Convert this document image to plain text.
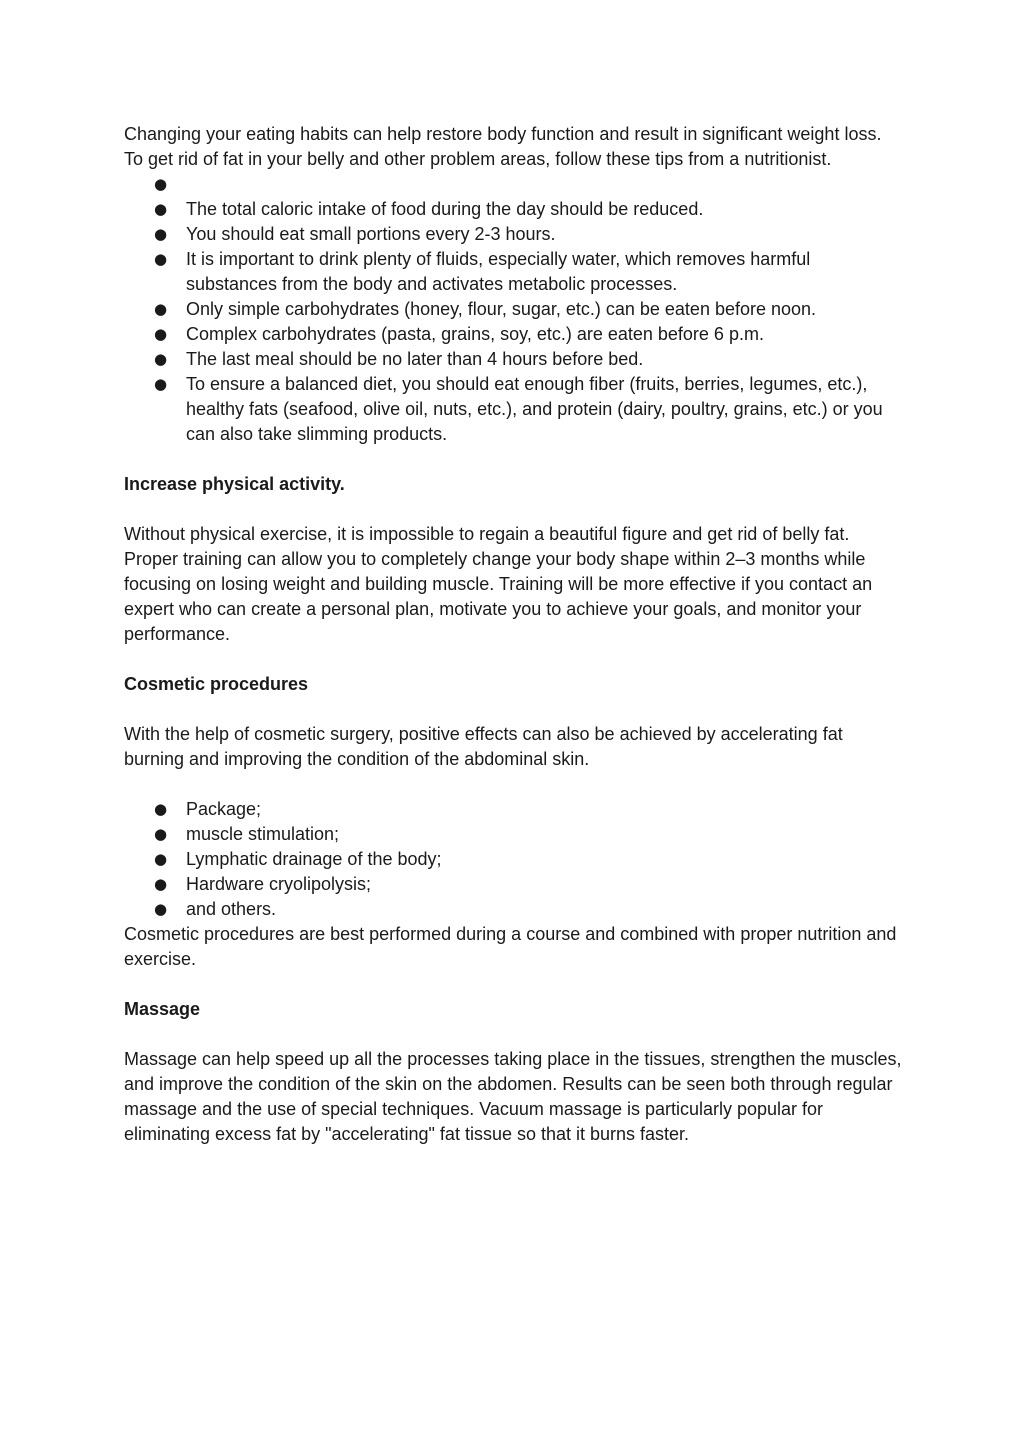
Changing your eating habits can help restore body function and result in significant weight loss. To get rid of fat in your belly and other problem areas, follow these tips from a nutritionist.

●
●	The total caloric intake of food during the day should be reduced.
●	You should eat small portions every 2-3 hours.
●	It is important to drink plenty of fluids, especially water, which removes harmful substances from the body and activates metabolic processes.
●	Only simple carbohydrates (honey, flour, sugar, etc.) can be eaten before noon.
●	Complex carbohydrates (pasta, grains, soy, etc.) are eaten before 6 p.m.
●	The last meal should be no later than 4 hours before bed.
●	To ensure a balanced diet, you should eat enough fiber (fruits, berries, legumes, etc.), healthy fats (seafood, olive oil, nuts, etc.), and protein (dairy, poultry, grains, etc.) or you can also take slimming products.

Increase physical activity.

Without physical exercise, it is impossible to regain a beautiful figure and get rid of belly fat. Proper training can allow you to completely change your body shape within 2–3 months while focusing on losing weight and building muscle. Training will be more effective if you contact an expert who can create a personal plan, motivate you to achieve your goals, and monitor your performance.

Cosmetic procedures

With the help of cosmetic surgery, positive effects can also be achieved by accelerating fat burning and improving the condition of the abdominal skin.

●	Package;
●	muscle stimulation;
●	Lymphatic drainage of the body;
●	Hardware cryolipolysis;
●	and others.

Cosmetic procedures are best performed during a course and combined with proper nutrition and exercise.

Massage

Massage can help speed up all the processes taking place in the tissues, strengthen the muscles, and improve the condition of the skin on the abdomen. Results can be seen both through regular massage and the use of special techniques. Vacuum massage is particularly popular for eliminating excess fat by "accelerating" fat tissue so that it burns faster.
